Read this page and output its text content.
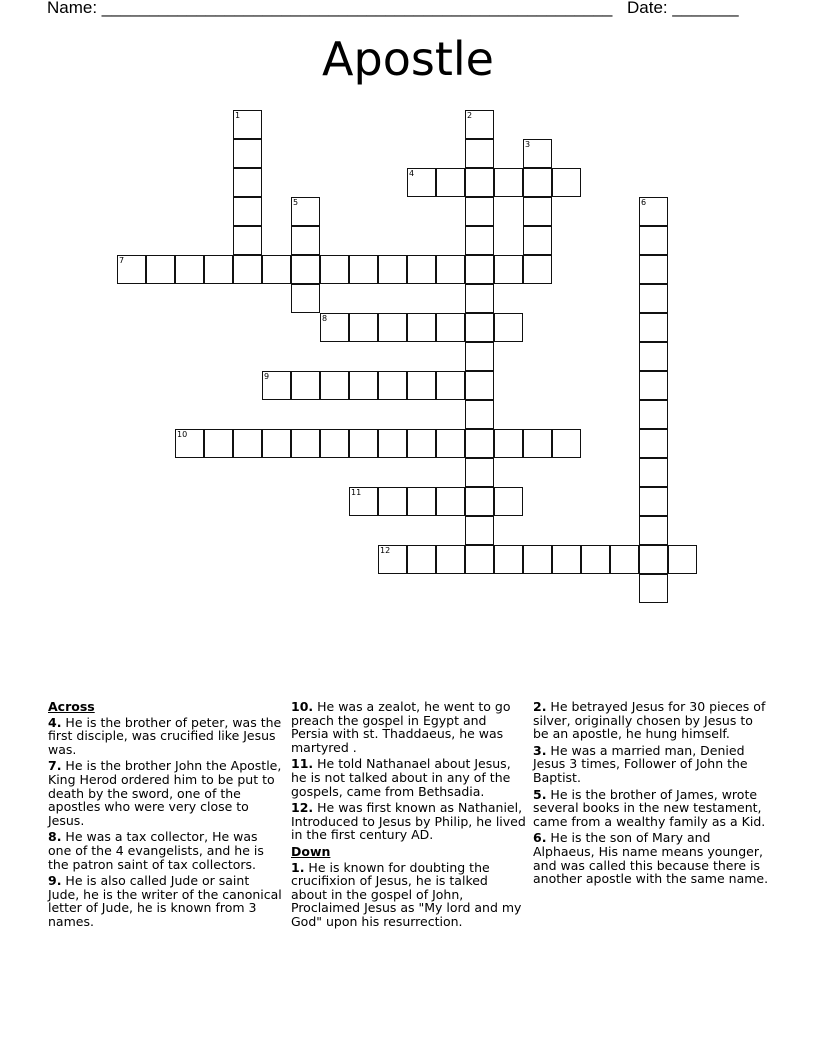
Name: ______________________________________________________ Date: _______
Apostle
1	2
3
4
5	6
7
8
9
10
11
12
Across
4. He is the brother of peter, was the first disciple, was crucified like Jesus was.
7. He is the brother John the Apostle, King Herod ordered him to be put to death by the sword, one of the apostles who were very close to Jesus.
8. He was a tax collector, He was one of the 4 evangelists, and he is the patron saint of tax collectors.
9. He is also called Jude or saint Jude, he is the writer of the canonical letter of Jude, he is known from 3 names.
10. He was a zealot, he went to go preach the gospel in Egypt and Persia with st. Thaddaeus, he was martyred .
11. He told Nathanael about Jesus, he is not talked about in any of the gospels, came from Bethsadia.
12. He was first known as Nathaniel, Introduced to Jesus by Philip, he lived in the first century AD.
Down
1. He is known for doubting the crucifixion of Jesus, he is talked about in the gospel of John, Proclaimed Jesus as "My lord and my God" upon his resurrection.
2. He betrayed Jesus for 30 pieces of silver, originally chosen by Jesus to be an apostle, he hung himself.
3. He was a married man, Denied Jesus 3 times, Follower of John the Baptist.
5. He is the brother of James, wrote several books in the new testament, came from a wealthy family as a Kid.
6. He is the son of Mary and Alphaeus, His name means younger, and was called this because there is another apostle with the same name.
